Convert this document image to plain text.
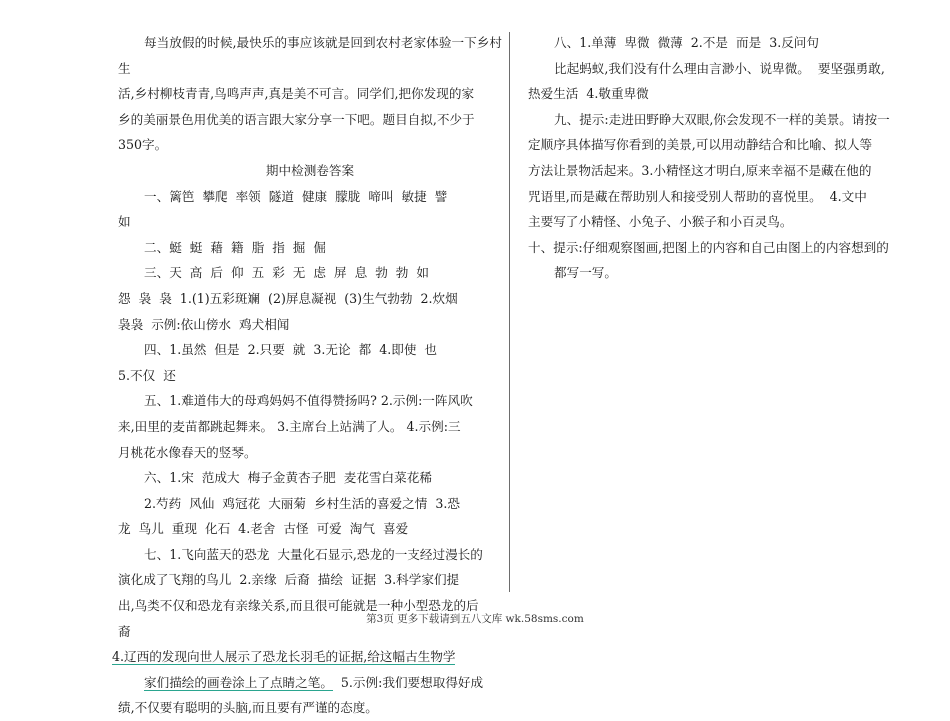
每当放假的时候,最快乐的事应该就是回到农村老家体验一下乡村生

活,乡村柳枝青青,鸟鸣声声,真是美不可言。同学们,把你发现的家

乡的美丽景色用优美的语言跟大家分享一下吧。题目自拟,不少于

350字。

期中检测卷答案

一、篱笆  攀爬  率领  隧道  健康  朦胧  啼叫  敏捷  譬

如

二、蜓  蜓  藉  籍  脂  指  掘  倔

三、天  高  后  仰  五  彩  无  虑  屏  息  勃  勃  如

怨  袅  袅  1.(1)五彩斑斓  (2)屏息凝视  (3)生气勃勃  2.炊烟

袅袅  示例:依山傍水  鸡犬相闻

四、1.虽然  但是  2.只要  就  3.无论  都  4.即使  也

5.不仅  还

五、1.难道伟大的母鸡妈妈不值得赞扬吗? 2.示例:一阵风吹

来,田里的麦苗都跳起舞来。 3.主席台上站满了人。 4.示例:三

月桃花水像春天的竖琴。

六、1.宋  范成大  梅子金黄杏子肥  麦花雪白菜花稀

2.芍药  风仙  鸡冠花  大丽菊  乡村生活的喜爱之情  3.恐

龙  鸟儿  重现  化石  4.老舍  古怪  可爱  淘气  喜爱

七、1.飞向蓝天的恐龙  大量化石显示,恐龙的一支经过漫长的

演化成了飞翔的鸟儿  2.亲缘  后裔  描绘  证据  3.科学家们提

出,鸟类不仅和恐龙有亲缘关系,而且很可能就是一种小型恐龙的后

裔

4.辽西的发现向世人展示了恐龙长羽毛的证据,给这幅古生物学

家们描绘的画卷涂上了点睛之笔。  5.示例:我们要想取得好成

绩,不仅要有聪明的头脑,而且要有严谨的态度。

八、1.单薄  卑微  微薄  2.不是  而是  3.反问句

比起蚂蚁,我们没有什么理由言渺小、说卑微。  要坚强勇敢,

热爱生活  4.敬重卑微

九、提示:走进田野睁大双眼,你会发现不一样的美景。请按一

定顺序具体描写你看到的美景,可以用动静结合和比喻、拟人等

方法让景物活起来。3.小精怪这才明白,原来幸福不是藏在他的

咒语里,而是藏在帮助别人和接受别人帮助的喜悦里。  4.文中

主要写了小精怪、小兔子、小猴子和小百灵鸟。

十、提示:仔细观察图画,把图上的内容和自己由图上的内容想到的

都写一写。

第3页 更多下载请到五八文库 wk.58sms.com
